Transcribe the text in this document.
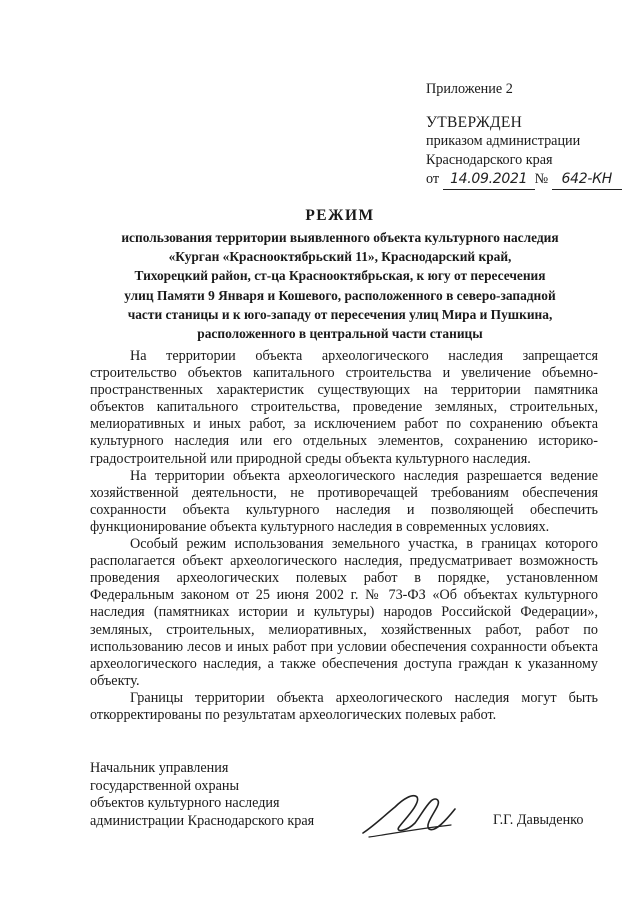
Приложение 2
УТВЕРЖДЕН
приказом администрации
Краснодарского края
от 14.09.2021 № 642-КН
РЕЖИМ
использования территории выявленного объекта культурного наследия
«Курган «Краснооктябрьский 11», Краснодарский край,
Тихорецкий район, ст-ца Краснооктябрьская, к югу от пересечения
улиц Памяти 9 Января и Кошевого, расположенного в северо-западной
части станицы и к юго-западу от пересечения улиц Мира и Пушкина,
расположенного в центральной части станицы

На территории объекта археологического наследия запрещается строительство объектов капитального строительства и увеличение объемно-пространственных характеристик существующих на территории памятника объектов капитального строительства, проведение земляных, строительных, мелиоративных и иных работ, за исключением работ по сохранению объекта культурного наследия или его отдельных элементов, сохранению историко-градостроительной или природной среды объекта культурного наследия.

На территории объекта археологического наследия разрешается ведение хозяйственной деятельности, не противоречащей требованиям обеспечения сохранности объекта культурного наследия и позволяющей обеспечить функционирование объекта культурного наследия в современных условиях.

Особый режим использования земельного участка, в границах которого располагается объект археологического наследия, предусматривает возможность проведения археологических полевых работ в порядке, установленном Федеральным законом от 25 июня 2002 г. № 73-ФЗ «Об объектах культурного наследия (памятниках истории и культуры) народов Российской Федерации», земляных, строительных, мелиоративных, хозяйственных работ, работ по использованию лесов и иных работ при условии обеспечения сохранности объекта археологического наследия, а также обеспечения доступа граждан к указанному объекту.

Границы территории объекта археологического наследия могут быть откорректированы по результатам археологических полевых работ.

Начальник управления
государственной охраны
объектов культурного наследия
администрации Краснодарского края	Г.Г. Давыденко
